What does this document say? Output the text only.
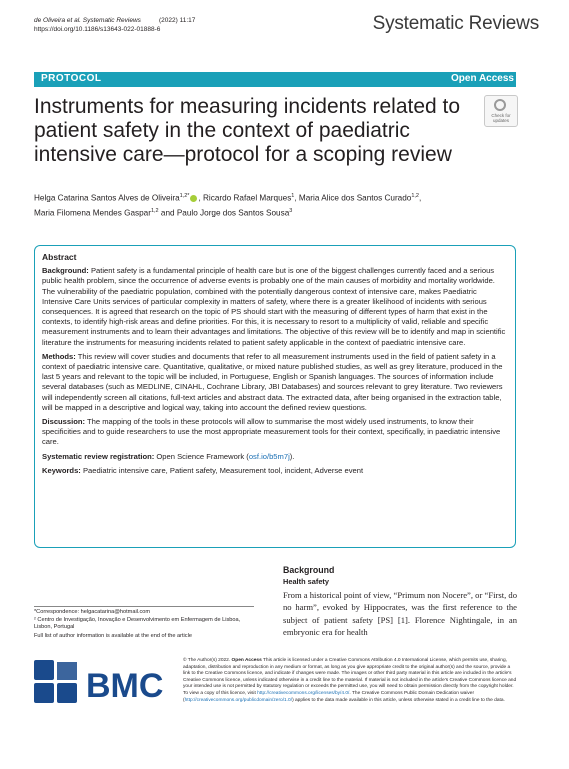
de Oliveira et al. Systematic Reviews          (2022) 11:17
https://doi.org/10.1186/s13643-022-01888-6	Systematic Reviews
PROTOCOL	Open Access
Instruments for measuring incidents related to patient safety in the context of paediatric intensive care—protocol for a scoping review
Check for updates
Helga Catarina Santos Alves de Oliveira$^{1,2*}$ , Ricardo Rafael Marques$^1$, Maria Alice dos Santos Curado$^{1,2}$,
Maria Filomena Mendes Gaspar$^{1,2}$ and Paulo Jorge dos Santos Sousa$^3$
Abstract

Background: Patient safety is a fundamental principle of health care but is one of the biggest challenges currently faced and a serious public health problem, since the occurrence of adverse events is probably one of the main causes of morbidity and mortality worldwide. The vulnerability of the paediatric population, combined with the potentially dangerous context of intensive care, makes Paediatric Intensive Care Units services of particular complexity in matters of safety, where there is a greater likelihood of incidents with serious consequences. It is agreed that research on the topic of PS should start with the measuring of different types of harm that exist in the contexts, to identify high-risk areas and define priorities. For this, it is necessary to resort to a multiplicity of valid, reliable and specific measurement instruments and to learn their advantages and limitations. The objective of this review will be to identify and map in scientific literature the instruments for measuring incidents related to patient safety applicable in the context of paediatric intensive care.

Methods: This review will cover studies and documents that refer to all measurement instruments used in the field of patient safety in a context of paediatric intensive care. Quantitative, qualitative, or mixed nature published studies, as well as grey literature, produced in the last 5 years and relevant to the topic will be included, in Portuguese, English or Spanish languages. The sources of information include several databases (such as MEDLINE, CINAHL, Cochrane Library, JBI Databases) and sources relevant to grey literature. Two reviewers will independently screen all citations, full-text articles and abstract data. The extracted data, after being organised in the extraction table, will be mapped in a descriptive and logical way, taking into account the defined review questions.

Discussion: The mapping of the tools in these protocols will allow to summarise the most widely used instruments, to know their specificities and to guide researchers to use the most appropriate measurement tools for their context, specifically, in paediatric intensive care.

Systematic review registration: Open Science Framework (osf.io/b5m7j).

Keywords: Paediatric intensive care, Patient safety, Measurement tool, incident, Adverse event

*Correspondence: helgacatarina@hotmail.com
² Centro de Investigação, Inovação e Desenvolvimento em Enfermagem de Lisboa, Lisbon, Portugal
Full list of author information is available at the end of the article
Background
Health safety
From a historical point of view, “Primum non Nocere”, or “First, do no harm”, evoked by Hippocrates, was the first reference to the subject of patient safety [PS] [1]. Florence Nightingale, in an embryonic era for health
BMC
© The Author(s) 2022. Open Access This article is licensed under a Creative Commons Attribution 4.0 International License, which permits use, sharing, adaptation, distribution and reproduction in any medium or format, as long as you give appropriate credit to the original author(s) and the source, provide a link to the Creative Commons licence, and indicate if changes were made. The images or other third party material in this article are included in the article's Creative Commons licence, unless indicated otherwise in a credit line to the material. If material is not included in the article's Creative Commons licence and your intended use is not permitted by statutory regulation or exceeds the permitted use, you will need to obtain permission directly from the copyright holder. To view a copy of this licence, visit http://creativecommons.org/licenses/by/4.0/. The Creative Commons Public Domain Dedication waiver (http://creativecommons.org/publicdomain/zero/1.0/) applies to the data made available in this article, unless otherwise stated in a credit line to the data.
